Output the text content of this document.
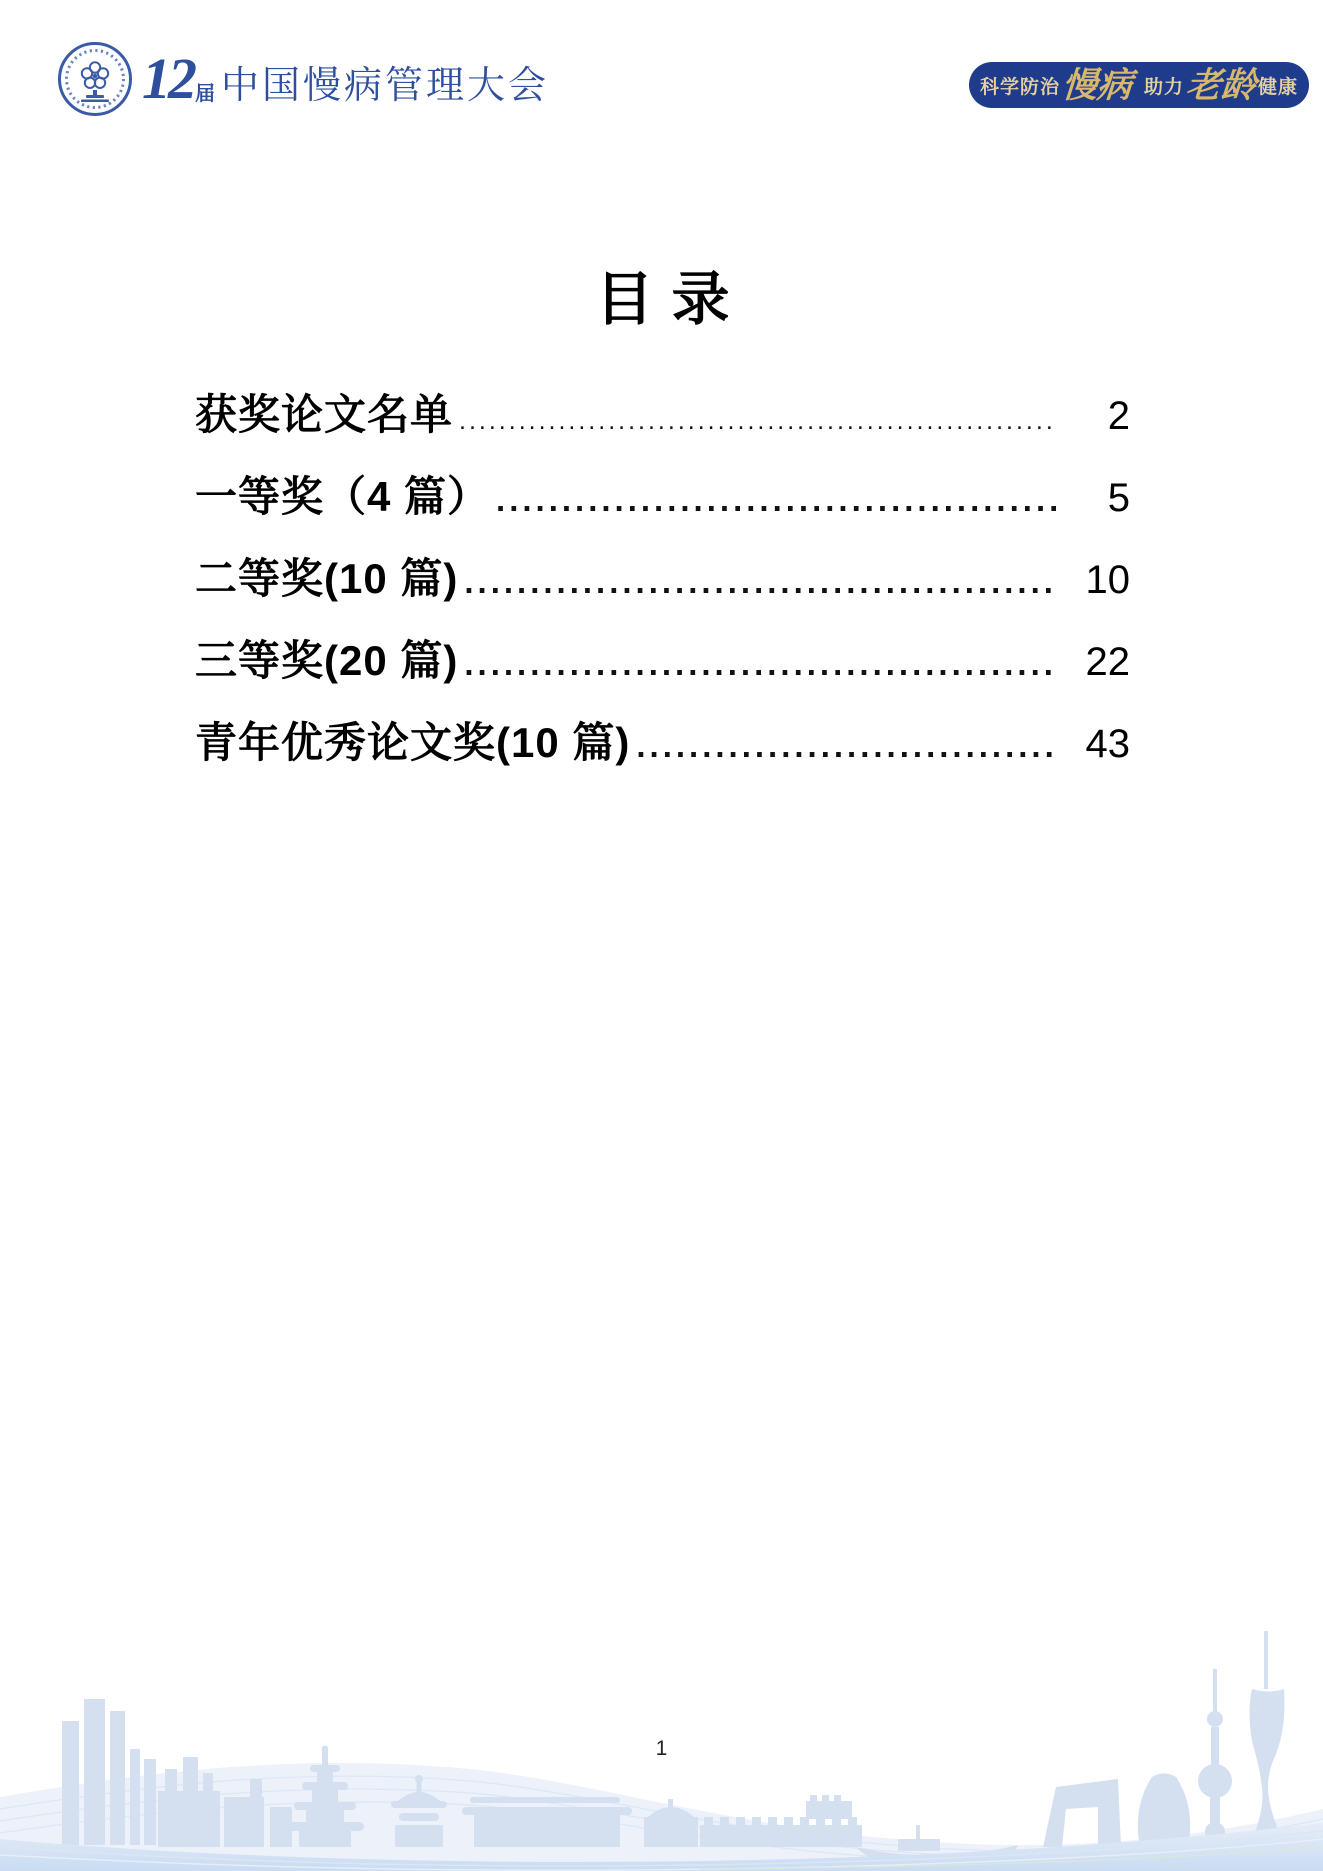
12 届 中国慢病管理大会	科学防治 慢病 助力 老龄 健康
目录
获奖论文名单 .....	2
一等奖（4 篇） .....	5
二等奖(10 篇) .....	10
三等奖(20 篇) .....	22
青年优秀论文奖(10 篇) .....	43
1
